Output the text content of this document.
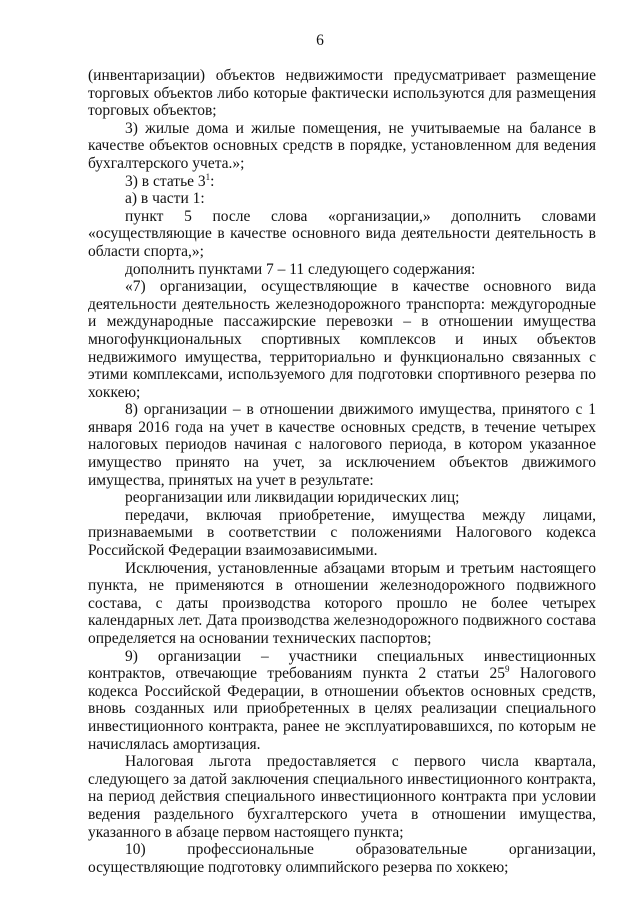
6

(инвентаризации) объектов недвижимости предусматривает размещение торговых объектов либо которые фактически используются для размещения торговых объектов;

3) жилые дома и жилые помещения, не учитываемые на балансе в качестве объектов основных средств в порядке, установленном для ведения бухгалтерского учета.»;

3) в статье $3^1$:

а) в части 1:

пункт 5 после слова «организации,» дополнить словами «осуществляющие в качестве основного вида деятельности деятельность в области спорта,»;

дополнить пунктами 7 – 11 следующего содержания:

«7) организации, осуществляющие в качестве основного вида деятельности деятельность железнодорожного транспорта: междугородные и международные пассажирские перевозки – в отношении имущества многофункциональных спортивных комплексов и иных объектов недвижимого имущества, территориально и функционально связанных с этими комплексами, используемого для подготовки спортивного резерва по хоккею;

8) организации – в отношении движимого имущества, принятого с 1 января 2016 года на учет в качестве основных средств, в течение четырех налоговых периодов начиная с налогового периода, в котором указанное имущество принято на учет, за исключением объектов движимого имущества, принятых на учет в результате:

реорганизации или ликвидации юридических лиц;

передачи, включая приобретение, имущества между лицами, признаваемыми в соответствии с положениями Налогового кодекса Российской Федерации взаимозависимыми.

Исключения, установленные абзацами вторым и третьим настоящего пункта, не применяются в отношении железнодорожного подвижного состава, с даты производства которого прошло не более четырех календарных лет. Дата производства железнодорожного подвижного состава определяется на основании технических паспортов;

9) организации – участники специальных инвестиционных контрактов, отвечающие требованиям пункта 2 статьи $25^9$ Налогового кодекса Российской Федерации, в отношении объектов основных средств, вновь созданных или приобретенных в целях реализации специального инвестиционного контракта, ранее не эксплуатировавшихся, по которым не начислялась амортизация.

Налоговая льгота предоставляется с первого числа квартала, следующего за датой заключения специального инвестиционного контракта, на период действия специального инвестиционного контракта при условии ведения раздельного бухгалтерского учета в отношении имущества, указанного в абзаце первом настоящего пункта;

10) профессиональные образовательные организации, осуществляющие подготовку олимпийского резерва по хоккею;
